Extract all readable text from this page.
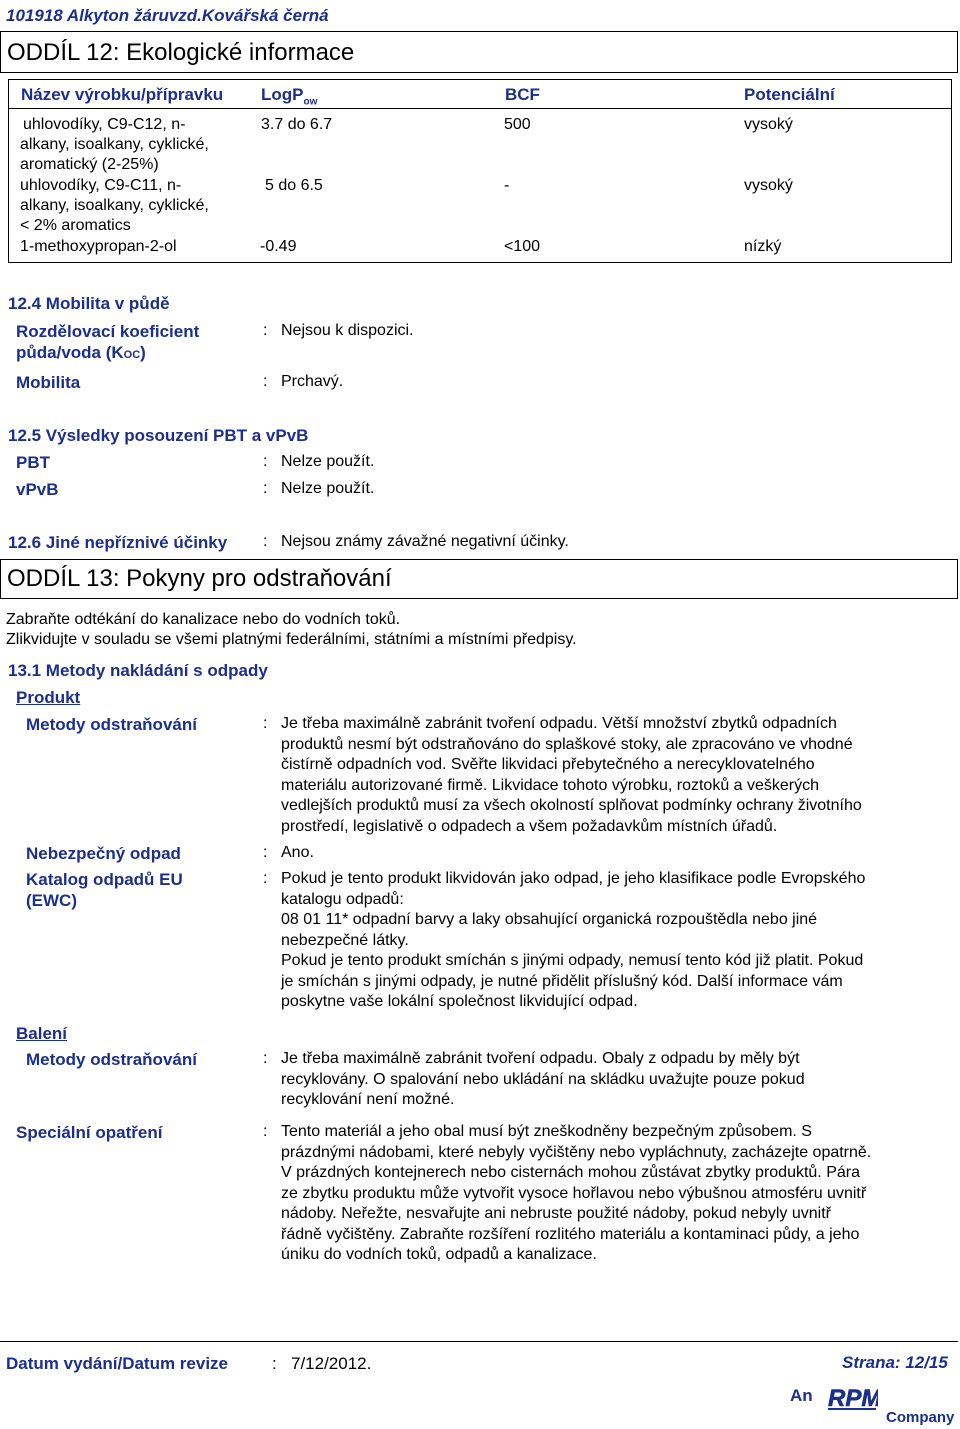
101918 Alkyton žáruvzd.Kovářská černá
ODDÍL 12: Ekologické informace
Název výrobku/přípravku LogP$_{ow}$	BCF	Potenciální
uhlovodíky, C9-C12, n-
alkany, isoalkany, cyklické,
aromatický (2-25%)
3.7 do 6.7	500	vysoký
uhlovodíky, C9-C11, n-
alkany, isoalkany, cyklické,
< 2% aromatics
5 do 6.5	-	vysoký
1-methoxypropan-2-ol	-0.49	<100	nízký
12.4 Mobilita v půdě
Rozdělovací koeficient
půda/voda (KOC)
: Nejsou k dispozici.
Mobilita	: Prchavý.
12.5 Výsledky posouzení PBT a vPvB
PBT	: Nelze použít.
vPvB	: Nelze použít.
12.6 Jiné nepříznivé účinky : Nejsou známy závažné negativní účinky.
ODDÍL 13: Pokyny pro odstraňování
Zabraňte odtékání do kanalizace nebo do vodních toků.
Zlikvidujte v souladu se všemi platnými federálními, státními a místními předpisy.
13.1 Metody nakládání s odpady
Produkt
Metody odstraňování	: Je třeba maximálně zabránit tvoření odpadu. Větší množství zbytků odpadních
produktů nesmí být odstraňováno do splaškové stoky, ale zpracováno ve vhodné
čistírně odpadních vod. Svěřte likvidaci přebytečného a nerecyklovatelného
materiálu autorizované firmě. Likvidace tohoto výrobku, roztoků a veškerých
vedlejších produktů musí za všech okolností splňovat podmínky ochrany životního
prostředí, legislativě o odpadech a všem požadavkům místních úřadů.
Nebezpečný odpad	: Ano.
Katalog odpadů EU
(EWC)
: Pokud je tento produkt likvidován jako odpad, je jeho klasifikace podle Evropského
katalogu odpadů:
08 01 11* odpadní barvy a laky obsahující organická rozpouštědla nebo jiné
nebezpečné látky.
Pokud je tento produkt smíchán s jinými odpady, nemusí tento kód již platit. Pokud
je smíchán s jinými odpady, je nutné přidělit příslušný kód. Další informace vám
poskytne vaše lokální společnost likvidující odpad.
Balení
Metody odstraňování	: Je třeba maximálně zabránit tvoření odpadu. Obaly z odpadu by měly být
recyklovány. O spalování nebo ukládání na skládku uvažujte pouze pokud
recyklování není možné.
Speciální opatření	: Tento materiál a jeho obal musí být zneškodněny bezpečným způsobem. S
prázdnými nádobami, které nebyly vyčištěny nebo vypláchnuty, zacházejte opatrně.
V prázdných kontejnerech nebo cisternách mohou zůstávat zbytky produktů. Pára
ze zbytku produktu může vytvořit vysoce hořlavou nebo výbušnou atmosféru uvnitř
nádoby. Neřežte, nesvařujte ani nebruste použité nádoby, pokud nebyly uvnitř
řádně vyčištěny. Zabraňte rozšíření rozlitého materiálu a kontaminaci půdy, a jeho
úniku do vodních toků, odpadů a kanalizace.
Datum vydání/Datum revize	: 7/12/2012.	Strana: 12/15
An RPM
Company
